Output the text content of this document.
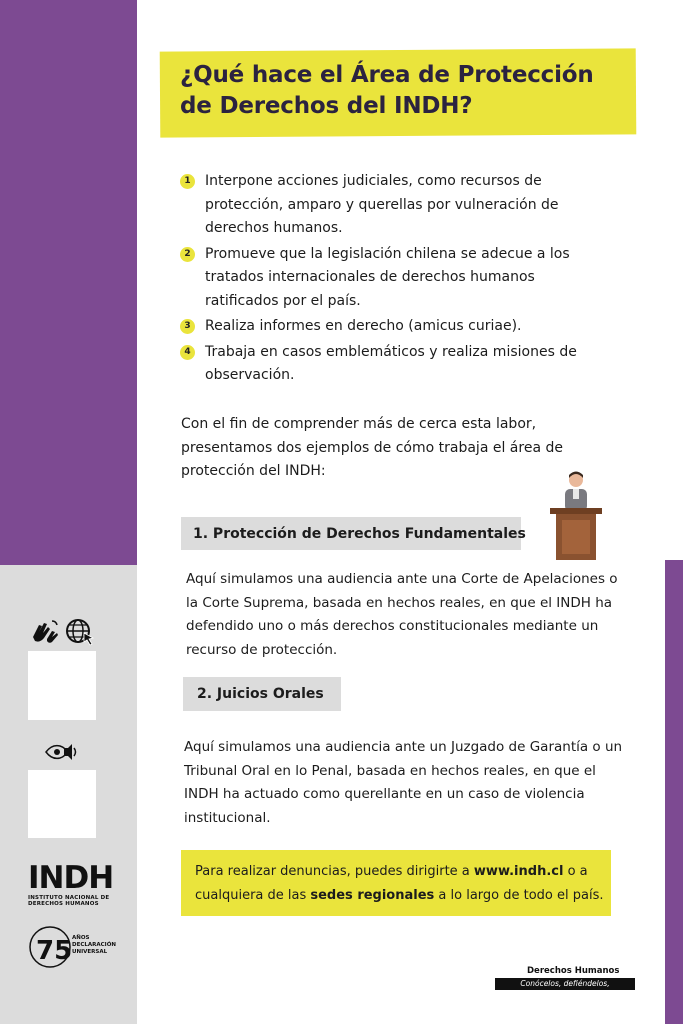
¿Qué hace el Área de Protección de Derechos del INDH?
1	Interpone acciones judiciales, como recursos de protección, amparo y querellas por vulneración de derechos humanos.
2	Promueve que la legislación chilena se adecue a los tratados internacionales de derechos humanos ratificados por el país.
3	Realiza informes en derecho (amicus curiae).
4	Trabaja en casos emblemáticos y realiza misiones de observación.

Con el fin de comprender más de cerca esta labor, presentamos dos ejemplos de cómo trabaja el área de protección del INDH:

1. Protección de Derechos Fundamentales

Aquí simulamos una audiencia ante una Corte de Apelaciones o la Corte Suprema, basada en hechos reales, en que el INDH ha defendido uno o más derechos constitucionales mediante un recurso de protección.

2. Juicios Orales

Aquí simulamos una audiencia ante un Juzgado de Garantía o un Tribunal Oral en lo Penal, basada en hechos reales, en que el INDH ha actuado como querellante en un caso de violencia institucional.

Para realizar denuncias, puedes dirigirte a www.indh.cl o a cualquiera de las sedes regionales a lo largo de todo el país.

INDH
INSTITUTO NACIONAL DE
DERECHOS HUMANOS
75 AÑOS
DECLARACIÓN
UNIVERSAL
Derechos Humanos
Conócelos, defiéndelos, promuévelos.
